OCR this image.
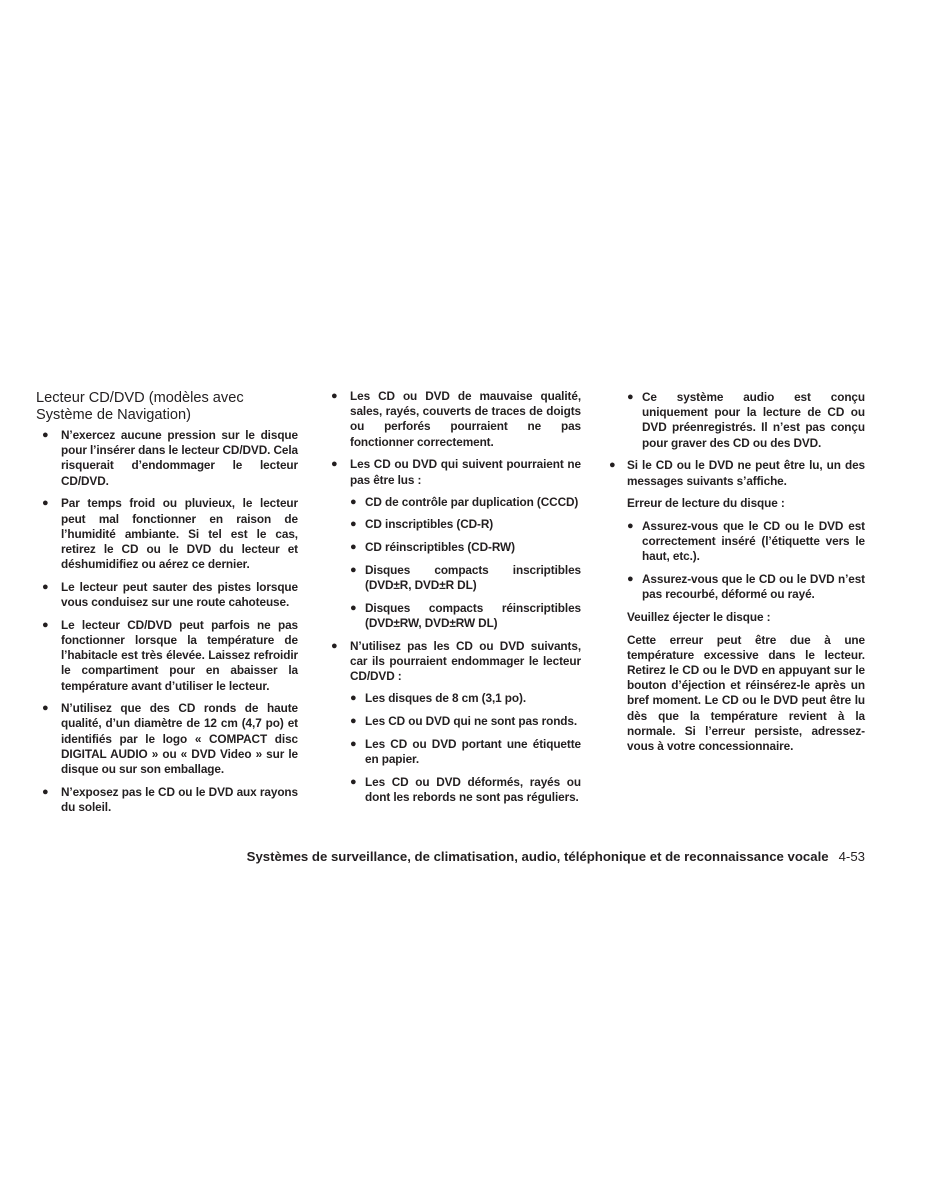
Lecteur CD/DVD (modèles avec Système de Navigation)
● N’exercez aucune pression sur le disque pour l’insérer dans le lecteur CD/DVD. Cela risquerait d’endommager le lecteur CD/DVD.
● Par temps froid ou pluvieux, le lecteur peut mal fonctionner en raison de l’humidité ambiante. Si tel est le cas, retirez le CD ou le DVD du lecteur et déshumidifiez ou aérez ce dernier.
● Le lecteur peut sauter des pistes lorsque vous conduisez sur une route cahoteuse.
● Le lecteur CD/DVD peut parfois ne pas fonctionner lorsque la température de l’habitacle est très élevée. Laissez refroidir le compartiment pour en abaisser la température avant d’utiliser le lecteur.
● N’utilisez que des CD ronds de haute qualité, d’un diamètre de 12 cm (4,7 po) et identifiés par le logo « COMPACT disc DIGITAL AUDIO » ou « DVD Video » sur le disque ou sur son emballage.
● N’exposez pas le CD ou le DVD aux rayons du soleil.
● Les CD ou DVD de mauvaise qualité, sales, rayés, couverts de traces de doigts ou perforés pourraient ne pas fonctionner correctement.
● Les CD ou DVD qui suivent pourraient ne pas être lus :
● CD de contrôle par duplication (CCCD)
● CD inscriptibles (CD-R)
● CD réinscriptibles (CD-RW)
● Disques compacts inscriptibles (DVD±R, DVD±R DL)
● Disques compacts réinscriptibles (DVD±RW, DVD±RW DL)
● N’utilisez pas les CD ou DVD suivants, car ils pourraient endommager le lecteur CD/DVD :
● Les disques de 8 cm (3,1 po).
● Les CD ou DVD qui ne sont pas ronds.
● Les CD ou DVD portant une étiquette en papier.
● Les CD ou DVD déformés, rayés ou dont les rebords ne sont pas réguliers.
● Ce système audio est conçu uniquement pour la lecture de CD ou DVD préenregistrés. Il n’est pas conçu pour graver des CD ou des DVD.
● Si le CD ou le DVD ne peut être lu, un des messages suivants s’affiche.

Erreur de lecture du disque :

● Assurez-vous que le CD ou le DVD est correctement inséré (l’étiquette vers le haut, etc.).
● Assurez-vous que le CD ou le DVD n’est pas recourbé, déformé ou rayé.

Veuillez éjecter le disque :

Cette erreur peut être due à une température excessive dans le lecteur. Retirez le CD ou le DVD en appuyant sur le bouton d’éjection et réinsérez-le après un bref moment. Le CD ou le DVD peut être lu dès que la température revient à la normale. Si l’erreur persiste, adressez-vous à votre concessionnaire.

Systèmes de surveillance, de climatisation, audio, téléphonique et de reconnaissance vocale 4-53
